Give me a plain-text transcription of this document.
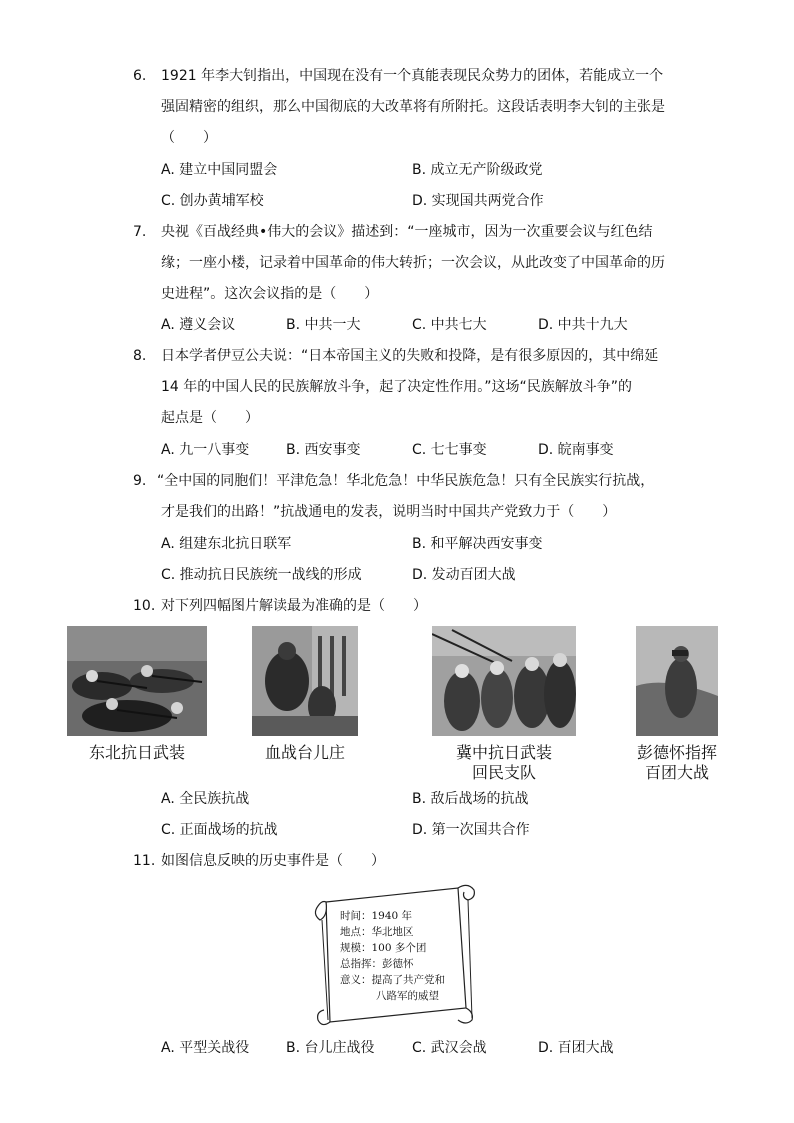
6.	1921 年李大钊指出，中国现在没有一个真能表现民众势力的团体，若能成立一个
强固精密的组织，那么中国彻底的大改革将有所附托。这段话表明李大钊的主张是
（　　）
A. 建立中国同盟会	B. 成立无产阶级政党
C. 创办黄埔军校	D. 实现国共两党合作
7.	央视《百战经典•伟大的会议》描述到：“一座城市，因为一次重要会议与红色结
缘；一座小楼，记录着中国革命的伟大转折；一次会议，从此改变了中国革命的历
史进程”。这次会议指的是（　　）
A. 遵义会议	B. 中共一大	C. 中共七大	D. 中共十九大
8.	日本学者伊豆公夫说：“日本帝国主义的失败和投降，是有很多原因的，其中绵延
14 年的中国人民的民族解放斗争，起了决定性作用。”这场“民族解放斗争”的
起点是（　　）
A. 九一八事变	B. 西安事变	C. 七七事变	D. 皖南事变
9. “全中国的同胞们！平津危急！华北危急！中华民族危急！只有全民族实行抗战，
才是我们的出路！”抗战通电的发表，说明当时中国共产党致力于（　　）
A. 组建东北抗日联军	B. 和平解决西安事变
C. 推动抗日民族统一战线的形成	D. 发动百团大战
10. 对下列四幅图片解读最为准确的是（　　）
东北抗日武装	血战台儿庄	冀中抗日武装
回民支队
彭德怀指挥
百团大战
A. 全民族抗战	B. 敌后战场的抗战
C. 正面战场的抗战	D. 第一次国共合作
11. 如图信息反映的历史事件是（　　）
时间：1940 年
地点：华北地区
规模：100 多个团
总指挥：彭德怀
意义：提高了共产党和
八路军的威望
A. 平型关战役	B. 台儿庄战役	C. 武汉会战	D. 百团大战
